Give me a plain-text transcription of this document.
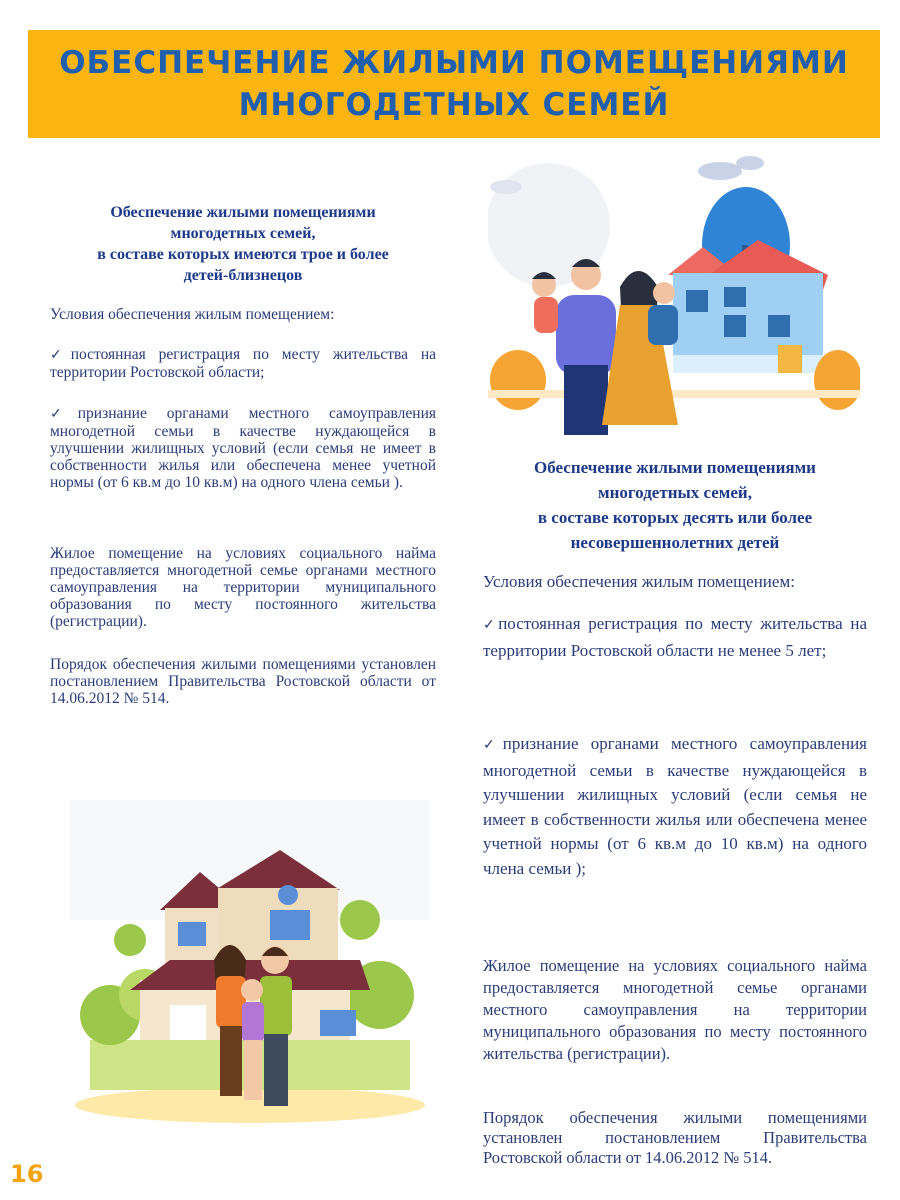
ОБЕСПЕЧЕНИЕ ЖИЛЫМИ ПОМЕЩЕНИЯМИ
МНОГОДЕТНЫХ СЕМЕЙ
Обеспечение жилыми помещениями
многодетных семей,
в составе которых имеются трое и более
детей-близнецов
Условия обеспечения жилым помещением:
✓постоянная регистрация по месту жительства на территории Ростовской области;
✓признание органами местного самоуправления многодетной семьи в качестве нуждающейся в улучшении жилищных условий (если семья не имеет в собственности жилья или обеспечена менее учетной нормы (от 6 кв.м до 10 кв.м) на одного члена семьи ).
Жилое помещение на условиях социального найма предоставляется многодетной семье органами местного самоуправления на территории муниципального образования по месту постоянного жительства (регистрации).
Порядок обеспечения жилыми помещениями установлен постановлением Правительства Ростовской области от 14.06.2012 № 514.
Обеспечение жилыми помещениями
многодетных семей,
в составе которых десять или более
несовершеннолетних детей
Условия обеспечения жилым помещением:
✓постоянная регистрация по месту жительства на территории Ростовской области не менее 5 лет;
✓признание органами местного самоуправления многодетной семьи в качестве нуждающейся в улучшении жилищных условий (если семья не имеет в собственности жилья или обеспечена менее учетной нормы (от 6 кв.м до 10 кв.м) на одного члена семьи );
Жилое помещение на условиях социального найма предоставляется многодетной семье органами местного самоуправления на территории муниципального образования по месту постоянного жительства (регистрации).
Порядок обеспечения жилыми помещениями установлен постановлением Правительства Ростовской области от 14.06.2012 № 514.
16
